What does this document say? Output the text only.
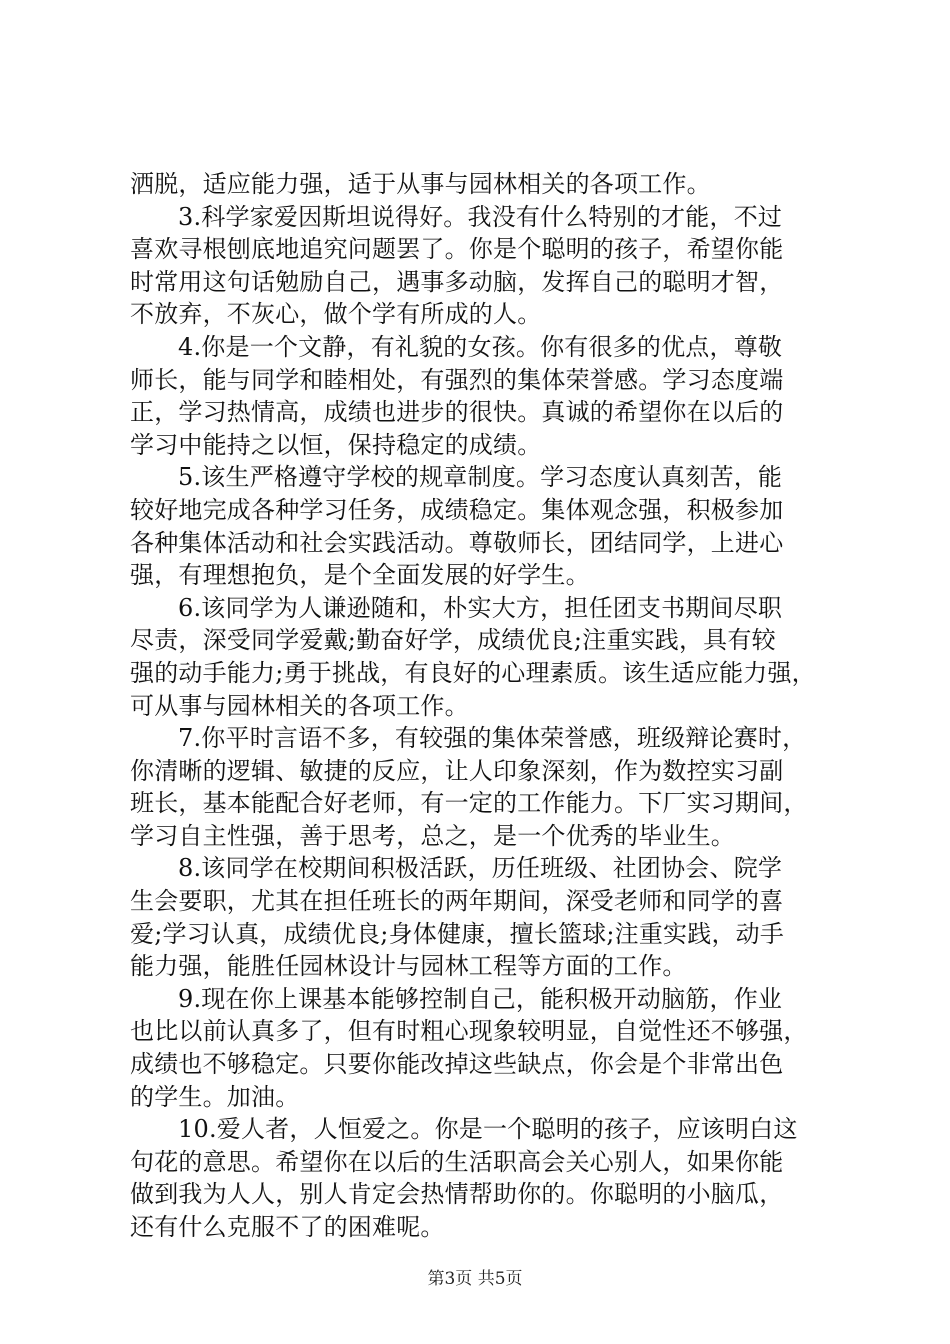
洒脱，适应能力强，适于从事与园林相关的各项工作。
3.科学家爱因斯坦说得好。我没有什么特别的才能，不过
喜欢寻根刨底地追究问题罢了。你是个聪明的孩子，希望你能
时常用这句话勉励自己，遇事多动脑，发挥自己的聪明才智，
不放弃，不灰心，做个学有所成的人。
4.你是一个文静，有礼貌的女孩。你有很多的优点，尊敬
师长，能与同学和睦相处，有强烈的集体荣誉感。学习态度端
正，学习热情高，成绩也进步的很快。真诚的希望你在以后的
学习中能持之以恒，保持稳定的成绩。
5.该生严格遵守学校的规章制度。学习态度认真刻苦，能
较好地完成各种学习任务，成绩稳定。集体观念强，积极参加
各种集体活动和社会实践活动。尊敬师长，团结同学，上进心
强，有理想抱负，是个全面发展的好学生。
6.该同学为人谦逊随和，朴实大方，担任团支书期间尽职
尽责，深受同学爱戴;勤奋好学，成绩优良;注重实践，具有较
强的动手能力;勇于挑战，有良好的心理素质。该生适应能力强，
可从事与园林相关的各项工作。
7.你平时言语不多，有较强的集体荣誉感，班级辩论赛时，
你清晰的逻辑、敏捷的反应，让人印象深刻，作为数控实习副
班长，基本能配合好老师，有一定的工作能力。下厂实习期间，
学习自主性强，善于思考，总之，是一个优秀的毕业生。
8.该同学在校期间积极活跃，历任班级、社团协会、院学
生会要职，尤其在担任班长的两年期间，深受老师和同学的喜
爱;学习认真，成绩优良;身体健康，擅长篮球;注重实践，动手
能力强，能胜任园林设计与园林工程等方面的工作。
9.现在你上课基本能够控制自己，能积极开动脑筋，作业
也比以前认真多了，但有时粗心现象较明显，自觉性还不够强，
成绩也不够稳定。只要你能改掉这些缺点，你会是个非常出色
的学生。加油。
10.爱人者，人恒爱之。你是一个聪明的孩子，应该明白这
句花的意思。希望你在以后的生活职高会关心别人，如果你能
做到我为人人，别人肯定会热情帮助你的。你聪明的小脑瓜，
还有什么克服不了的困难呢。
第3页 共5页
